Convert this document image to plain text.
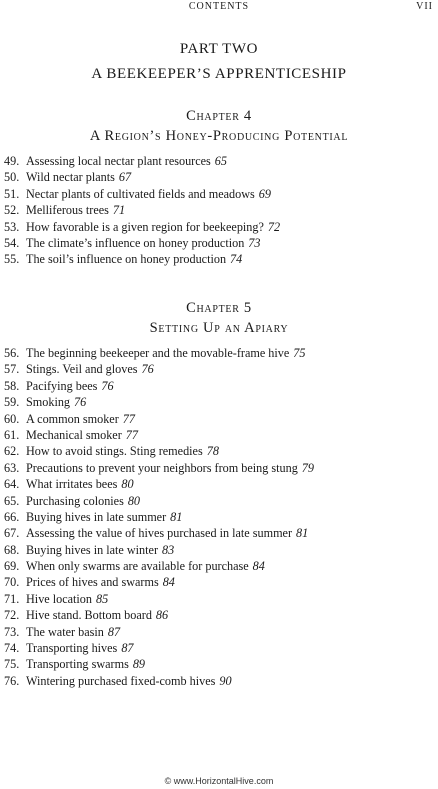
CONTENTS	VII
PART TWO
A BEEKEEPER’S APPRENTICESHIP
Chapter 4
A Region’s Honey-Producing Potential
49. Assessing local nectar plant resources 65
50. Wild nectar plants 67
51. Nectar plants of cultivated fields and meadows 69
52. Melliferous trees 71
53. How favorable is a given region for beekeeping? 72
54. The climate’s influence on honey production 73
55. The soil’s influence on honey production 74
Chapter 5
Setting Up an Apiary
56. The beginning beekeeper and the movable-frame hive 75
57. Stings. Veil and gloves 76
58. Pacifying bees 76
59. Smoking 76
60. A common smoker 77
61. Mechanical smoker 77
62. How to avoid stings. Sting remedies 78
63. Precautions to prevent your neighbors from being stung 79
64. What irritates bees 80
65. Purchasing colonies 80
66. Buying hives in late summer 81
67. Assessing the value of hives purchased in late summer 81
68. Buying hives in late winter 83
69. When only swarms are available for purchase 84
70. Prices of hives and swarms 84
71. Hive location 85
72. Hive stand. Bottom board 86
73. The water basin 87
74. Transporting hives 87
75. Transporting swarms 89
76. Wintering purchased fixed-comb hives 90
© www.HorizontalHive.com
